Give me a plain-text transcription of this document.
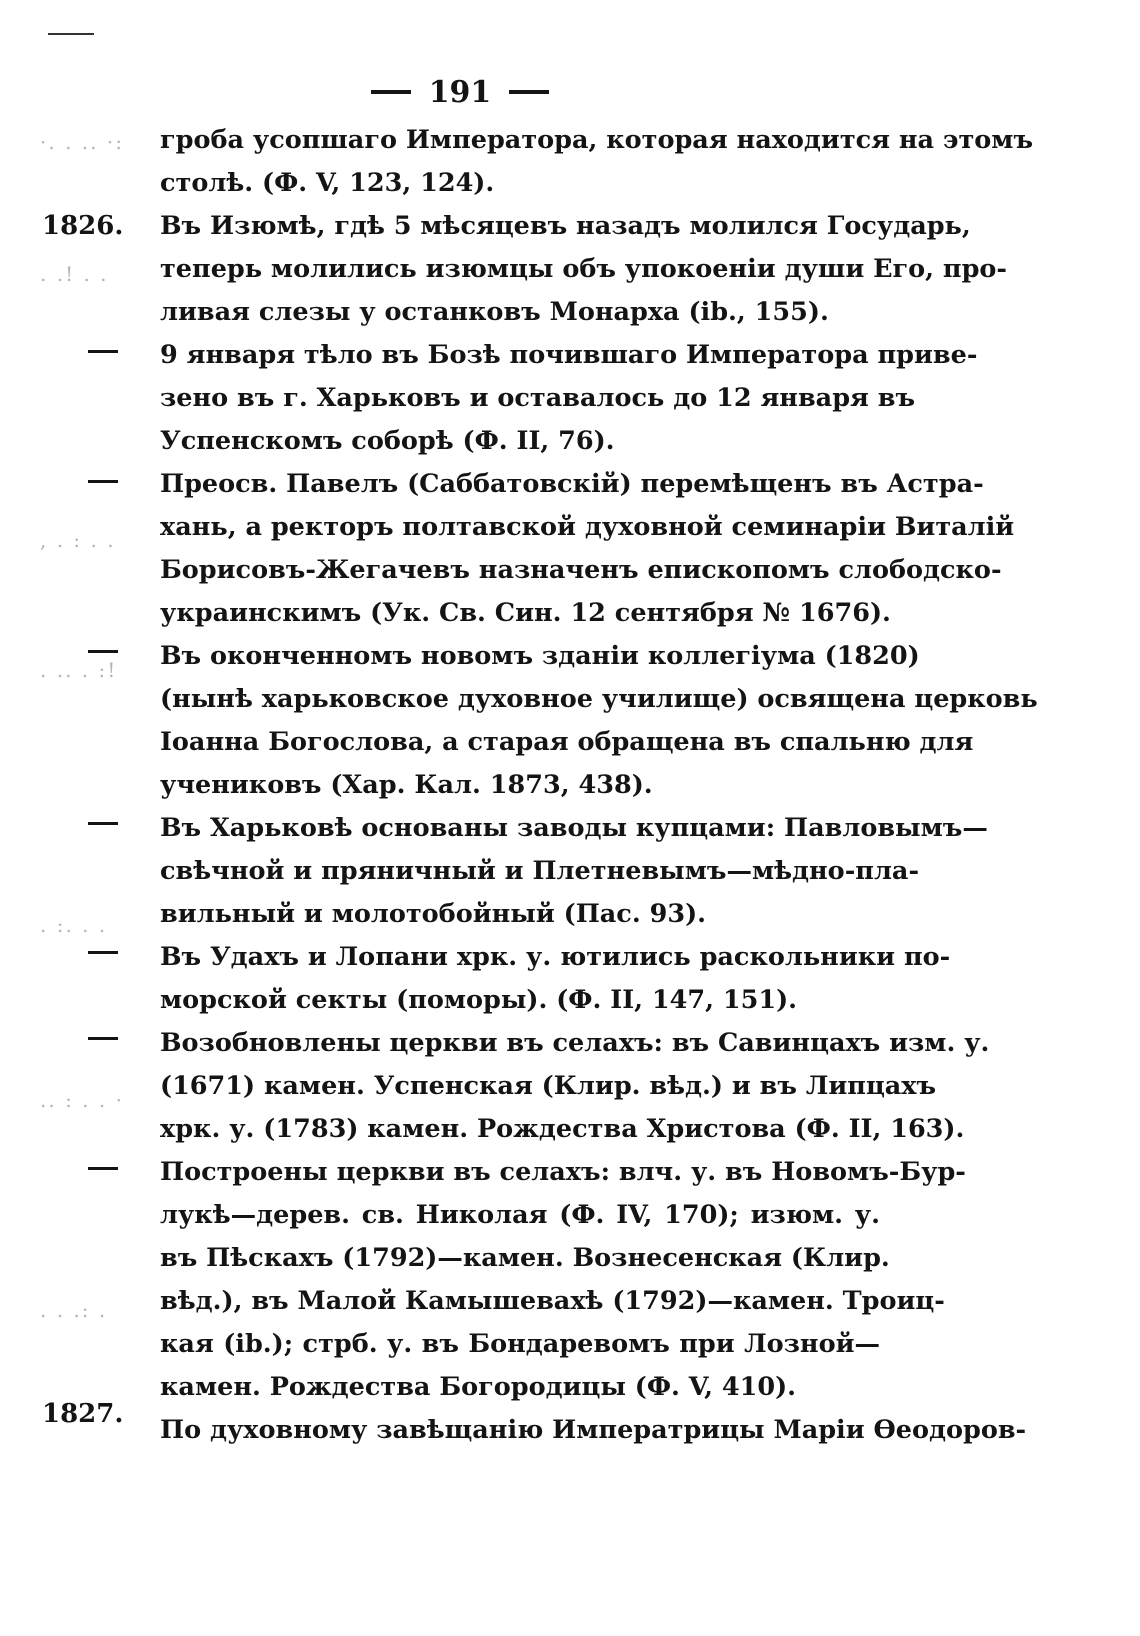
191
·. . .. ·:
. .! . .
, . : . .
. .. . :!
. :. . .
.. : . . ·
. . .: .
1826.
1827.
гроба усопшаго Императора, которая находится на этомъ
столѣ. (Ф. V, 123, 124).
Въ Изюмѣ, гдѣ 5 мѣсяцевъ назадъ молился Государь,
теперь молились изюмцы объ упокоеніи души Его, про-
ливая слезы у останковъ Монарха (ib., 155).
9 января тѣло въ Бозѣ почившаго Императора приве-
зено въ г. Харьковъ и оставалось до 12 января въ
Успенскомъ соборѣ (Ф. II, 76).
Преосв. Павелъ (Саббатовскій) перемѣщенъ въ Астра-
хань, а ректоръ полтавской духовной семинаріи Виталій
Борисовъ-Жегачевъ назначенъ епископомъ слободско-
украинскимъ (Ук. Св. Син. 12 сентября № 1676).
Въ оконченномъ новомъ зданіи коллегіума (1820)
(нынѣ харьковское духовное училище) освящена церковь
Іоанна Богослова, а старая обращена въ спальню для
учениковъ (Хар. Кал. 1873, 438).
Въ Харьковѣ основаны заводы купцами: Павловымъ—
свѣчной и пряничный и Плетневымъ—мѣдно-пла-
вильный и молотобойный (Пас. 93).
Въ Удахъ и Лопани хрк. у. ютились раскольники по-
морской секты (поморы). (Ф. II, 147, 151).
Возобновлены церкви въ селахъ: въ Савинцахъ изм. у.
(1671) камен. Успенская (Клир. вѣд.) и въ Липцахъ
хрк. у. (1783) камен. Рождества Христова (Ф. II, 163).
Построены церкви въ селахъ: влч. у. въ Новомъ-Бур-
лукѣ—дерев. св. Николая (Ф. IV, 170); изюм. у.
въ Пѣскахъ (1792)—камен. Вознесенская (Клир.
вѣд.), въ Малой Камышевахѣ (1792)—камен. Троиц-
кая (ib.); стрб. у. въ Бондаревомъ при Лозной—
камен. Рождества Богородицы (Ф. V, 410).
По духовному завѣщанію Императрицы Маріи Ѳеодоров-
